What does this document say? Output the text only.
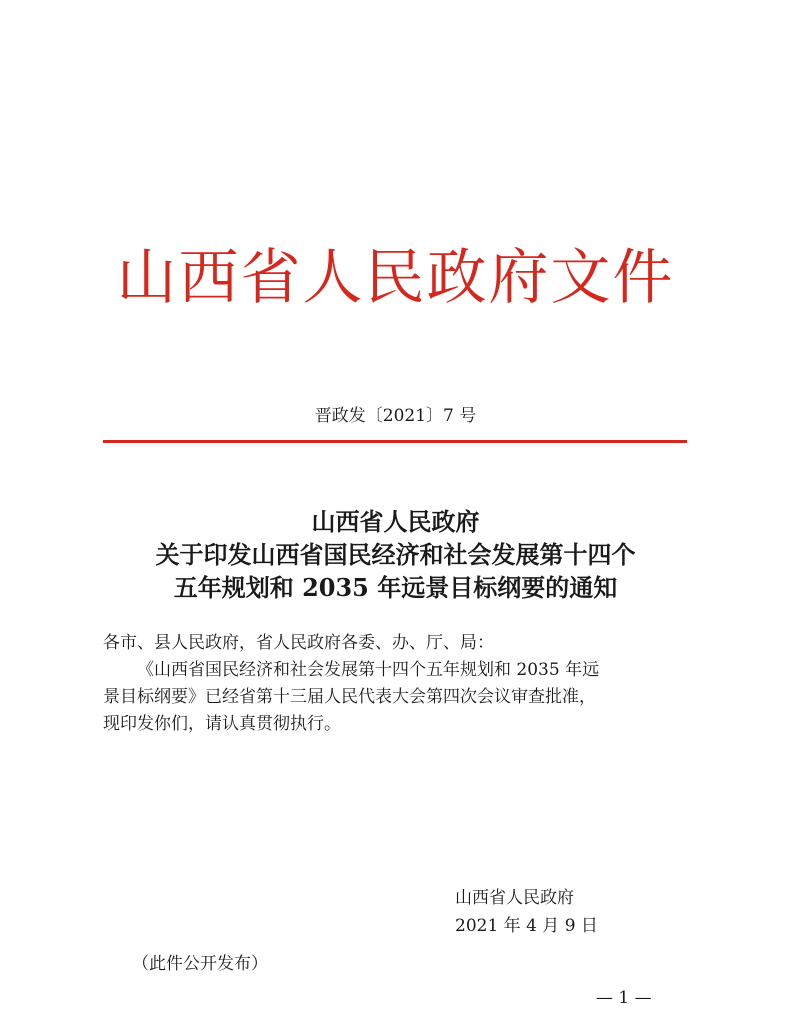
山西省人民政府文件
晋政发〔2021〕7 号
山西省人民政府
关于印发山西省国民经济和社会发展第十四个
五年规划和 2035 年远景目标纲要的通知
各市、县人民政府，省人民政府各委、办、厅、局：
《山西省国民经济和社会发展第十四个五年规划和 2035 年远
景目标纲要》已经省第十三届人民代表大会第四次会议审查批准，
现印发你们，请认真贯彻执行。
山西省人民政府
2021 年 4 月 9 日
（此件公开发布）
— 1 —
